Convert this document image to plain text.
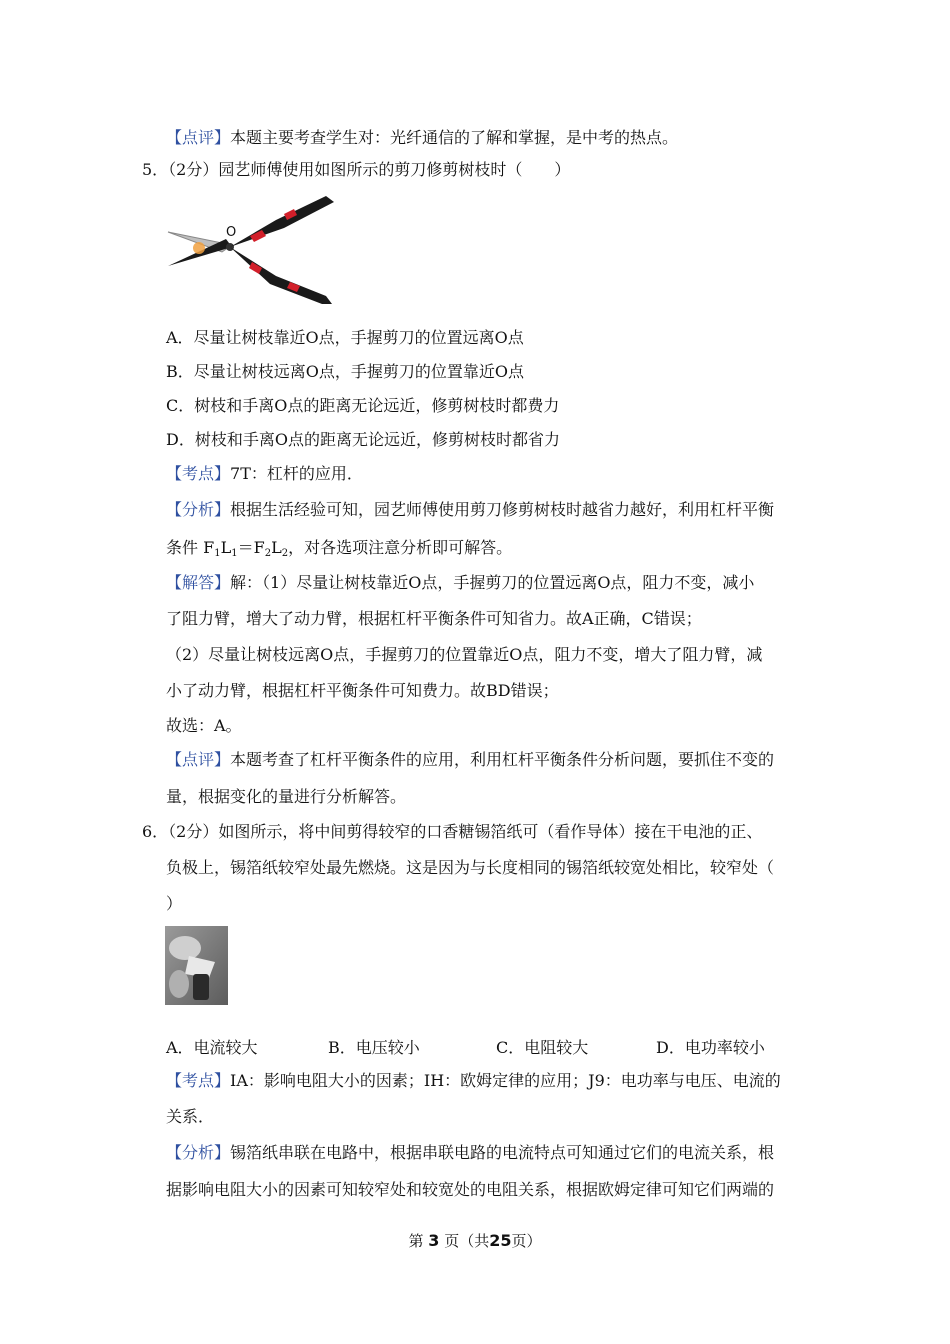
【点评】本题主要考查学生对：光纤通信的了解和掌握，是中考的热点。
5．（2分）园艺师傅使用如图所示的剪刀修剪树枝时（　　）
O
A．尽量让树枝靠近O点，手握剪刀的位置远离O点
B．尽量让树枝远离O点，手握剪刀的位置靠近O点
C．树枝和手离O点的距离无论远近，修剪树枝时都费力
D．树枝和手离O点的距离无论远近，修剪树枝时都省力
【考点】7T：杠杆的应用．
【分析】根据生活经验可知，园艺师傅使用剪刀修剪树枝时越省力越好，利用杠杆平衡
条件 $F_1L_1=F_2L_2$，对各选项注意分析即可解答。
【解答】解：（1）尽量让树枝靠近O点，手握剪刀的位置远离O点，阻力不变，减小
了阻力臂，增大了动力臂，根据杠杆平衡条件可知省力。故A正确，C错误；
（2）尽量让树枝远离O点，手握剪刀的位置靠近O点，阻力不变，增大了阻力臂，减
小了动力臂，根据杠杆平衡条件可知费力。故BD错误；
故选：A。
【点评】本题考查了杠杆平衡条件的应用，利用杠杆平衡条件分析问题，要抓住不变的
量，根据变化的量进行分析解答。
6．（2分）如图所示，将中间剪得较窄的口香糖锡箔纸可（看作导体）接在干电池的正、
负极上，锡箔纸较窄处最先燃烧。这是因为与长度相同的锡箔纸较宽处相比，较窄处（
）
A．电流较大	B．电压较小	C．电阻较大	D．电功率较小
【考点】IA：影响电阻大小的因素；IH：欧姆定律的应用；J9：电功率与电压、电流的
关系．
【分析】锡箔纸串联在电路中，根据串联电路的电流特点可知通过它们的电流关系，根
据影响电阻大小的因素可知较窄处和较宽处的电阻关系，根据欧姆定律可知它们两端的
第 3 页（共25页）
